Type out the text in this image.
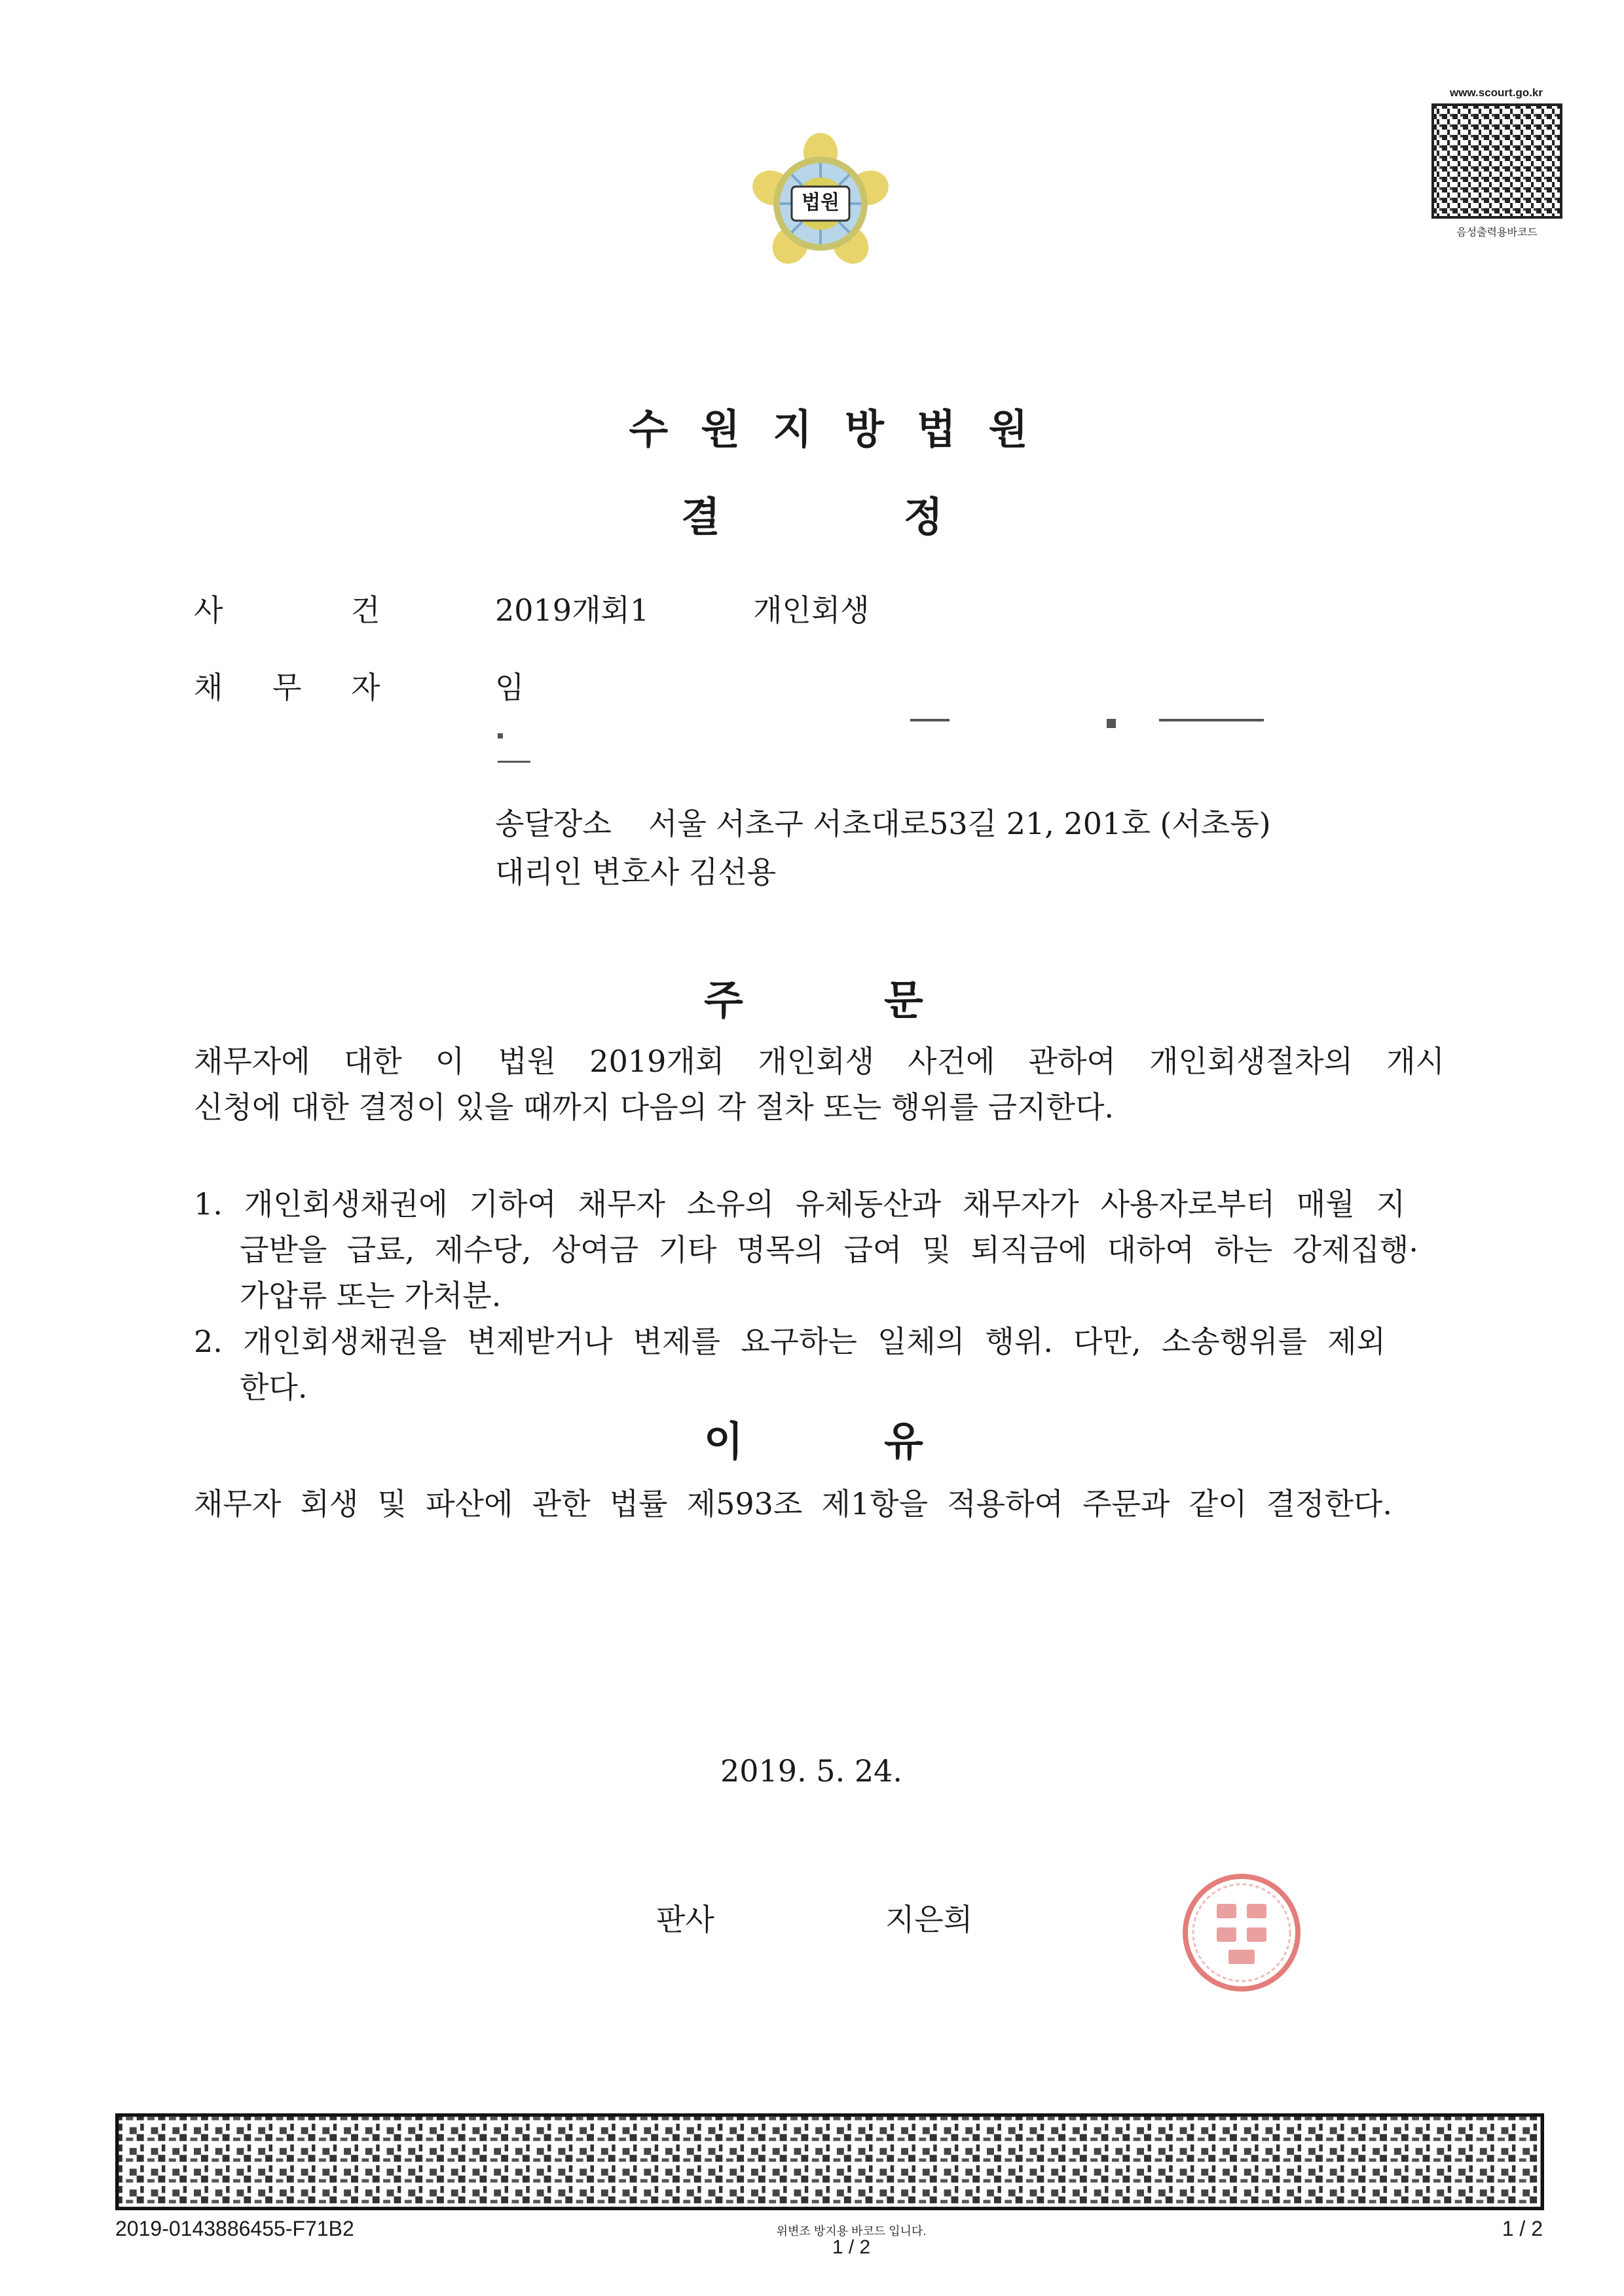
법원
www.scourt.go.kr
음성출력용바코드
수원지방법원
결	정
사	건	2019개회1	개인회생
채 무 자	임
송달장소 서울 서초구 서초대로53길 21, 201호 (서초동)
대리인 변호사 김선용
주	문
채무자에 대한 이 법원 2019개회 개인회생 사건에 관하여 개인회생절차의 개시
신청에 대한 결정이 있을 때까지 다음의 각 절차 또는 행위를 금지한다.
1. 개인회생채권에 기하여 채무자 소유의 유체동산과 채무자가 사용자로부터 매월 지
급받을 급료, 제수당, 상여금 기타 명목의 급여 및 퇴직금에 대하여 하는 강제집행·
가압류 또는 가처분.
2. 개인회생채권을 변제받거나 변제를 요구하는 일체의 행위. 다만, 소송행위를 제외
한다.
이	유
채무자 회생 및 파산에 관한 법률 제593조 제1항을 적용하여 주문과 같이 결정한다.
2019. 5. 24.
판사	지은희
2019-0143886455-F71B2	위변조 방지용 바코드 입니다.
1 / 2
1 / 2
